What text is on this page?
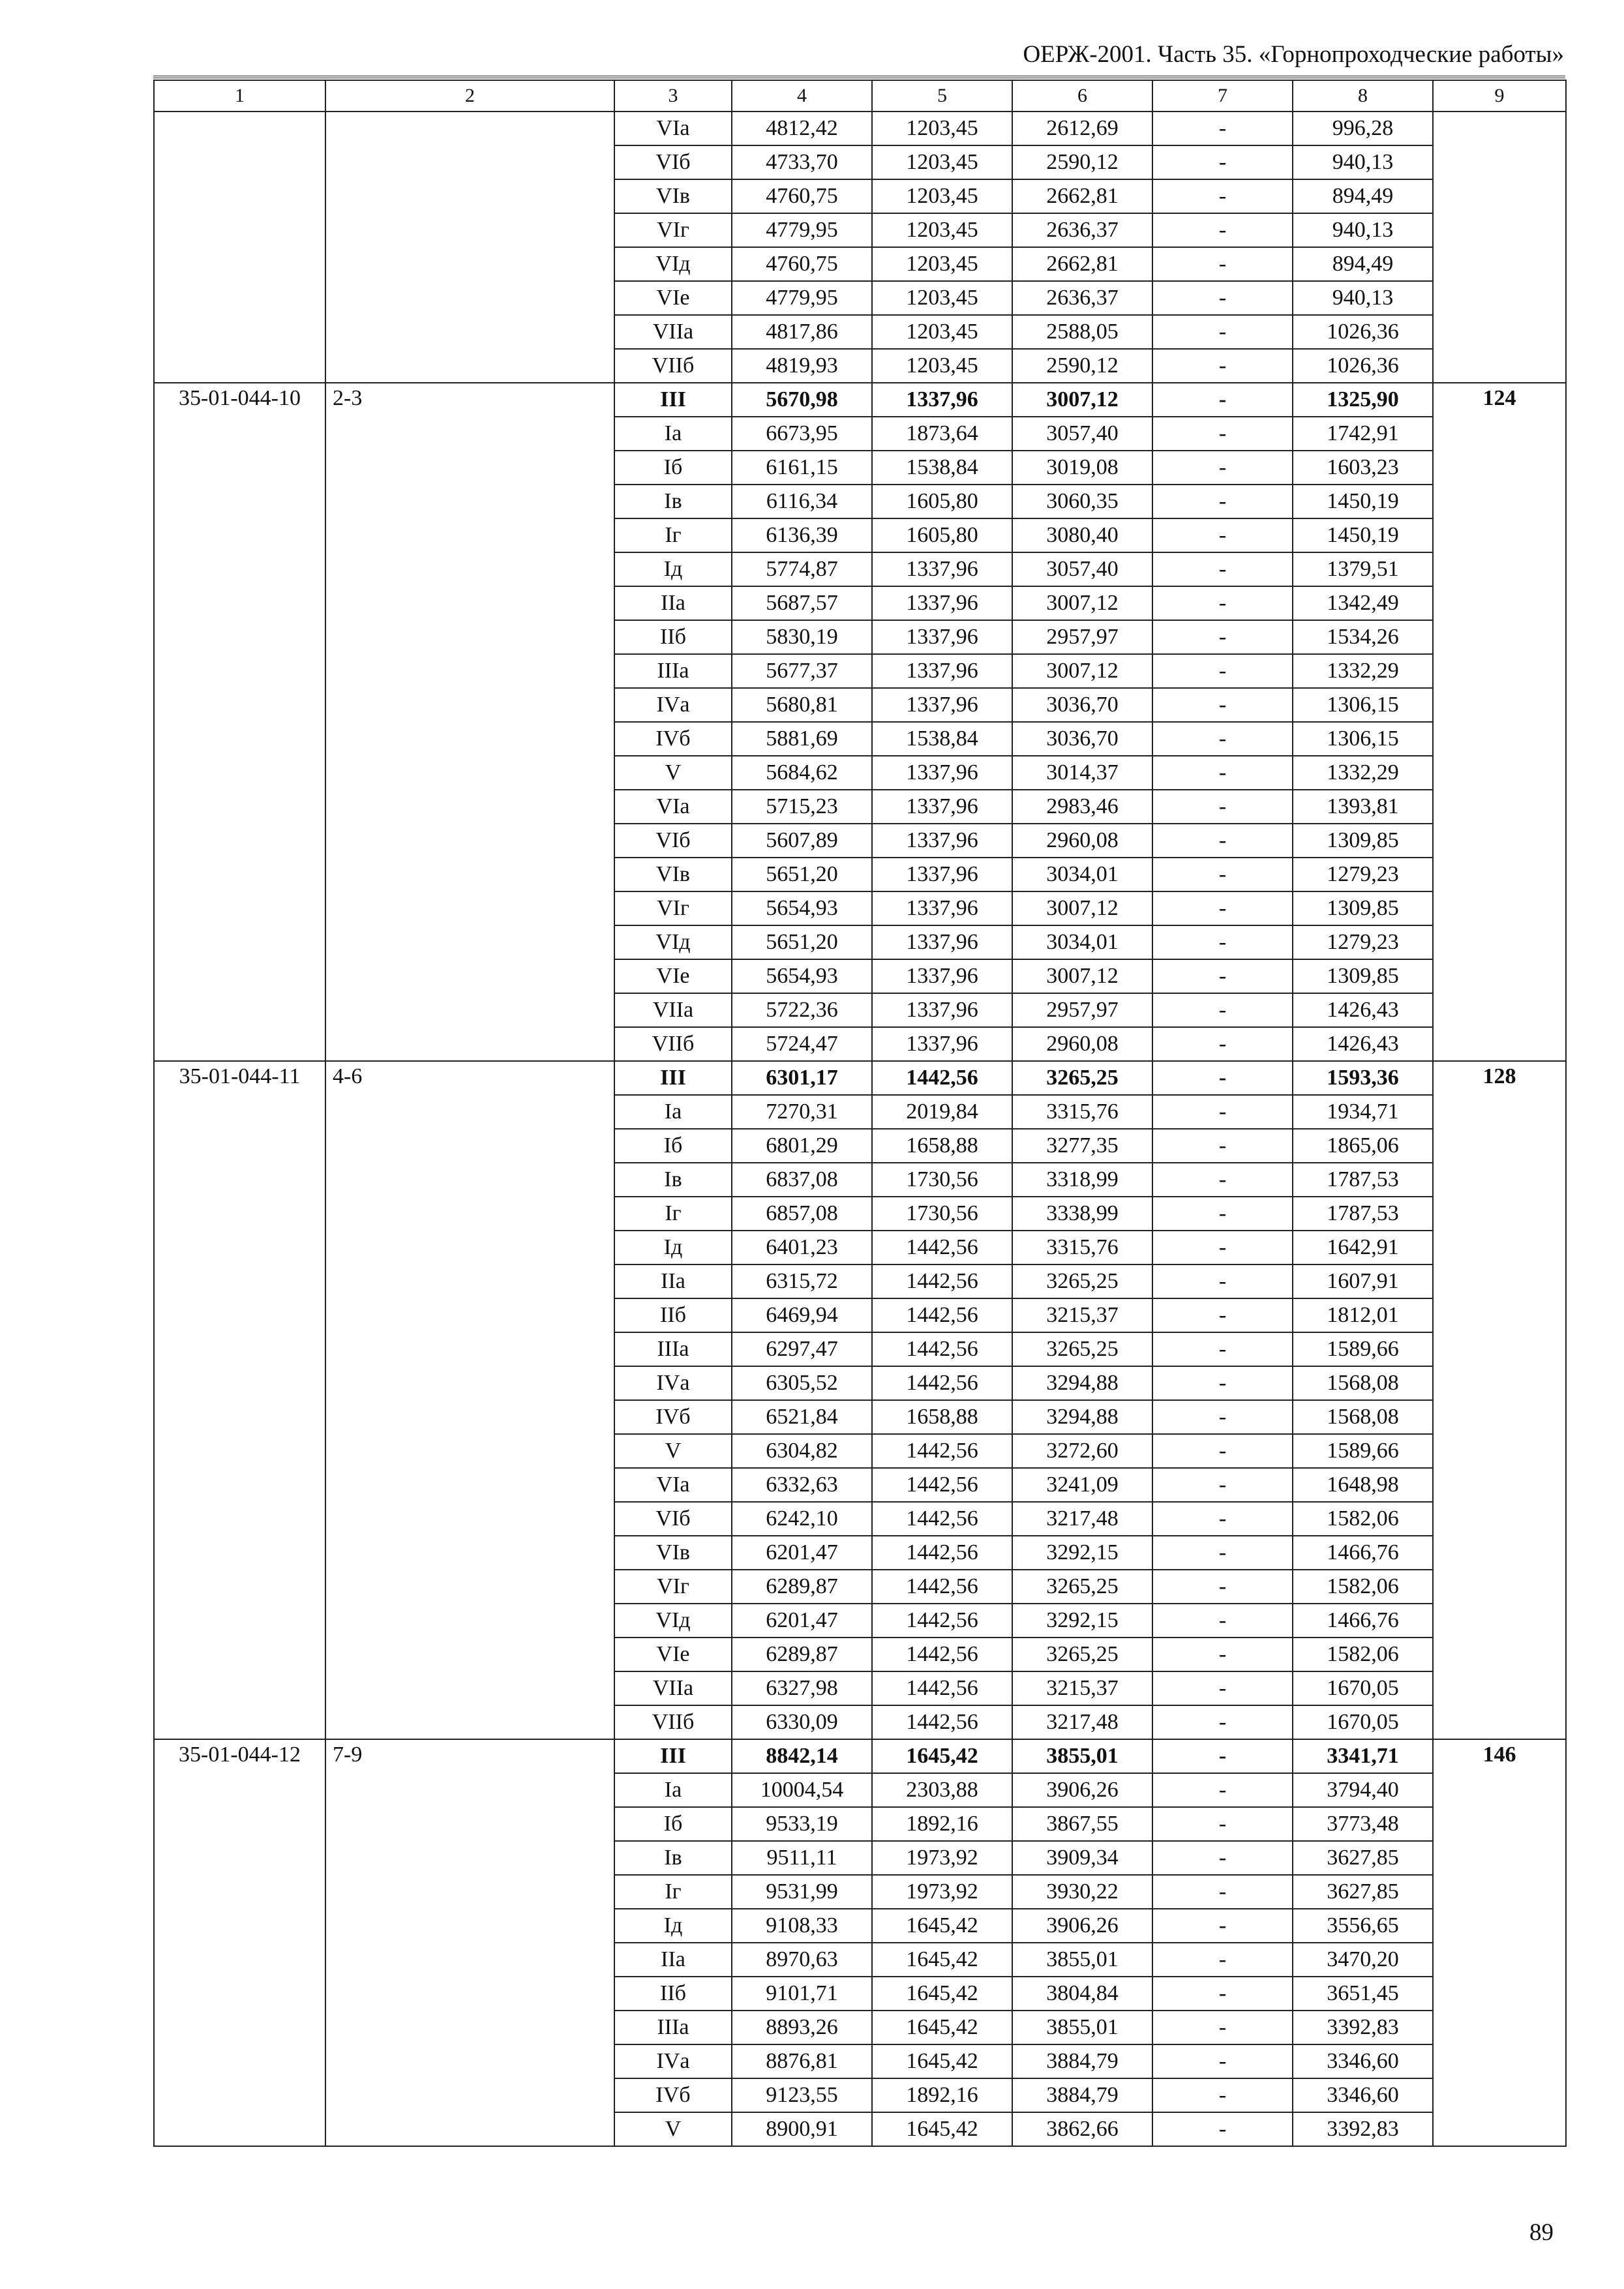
ОЕРЖ-2001. Часть 35. «Горнопроходческие работы»
1	2	3	4	5	6	7	8	9
		VIа	4812,42	1203,45	2612,69	-	996,28	
		VIб	4733,70	1203,45	2590,12	-	940,13	
		VIв	4760,75	1203,45	2662,81	-	894,49	
		VIг	4779,95	1203,45	2636,37	-	940,13	
		VIд	4760,75	1203,45	2662,81	-	894,49	
		VIе	4779,95	1203,45	2636,37	-	940,13	
		VIIа	4817,86	1203,45	2588,05	-	1026,36	
		VIIб	4819,93	1203,45	2590,12	-	1026,36	
35-01-044-10	2-3	III	5670,98	1337,96	3007,12	-	1325,90	124
		Iа	6673,95	1873,64	3057,40	-	1742,91	
		Iб	6161,15	1538,84	3019,08	-	1603,23	
		Iв	6116,34	1605,80	3060,35	-	1450,19	
		Iг	6136,39	1605,80	3080,40	-	1450,19	
		Iд	5774,87	1337,96	3057,40	-	1379,51	
		IIа	5687,57	1337,96	3007,12	-	1342,49	
		IIб	5830,19	1337,96	2957,97	-	1534,26	
		IIIа	5677,37	1337,96	3007,12	-	1332,29	
		IVа	5680,81	1337,96	3036,70	-	1306,15	
		IVб	5881,69	1538,84	3036,70	-	1306,15	
		V	5684,62	1337,96	3014,37	-	1332,29	
		VIа	5715,23	1337,96	2983,46	-	1393,81	
		VIб	5607,89	1337,96	2960,08	-	1309,85	
		VIв	5651,20	1337,96	3034,01	-	1279,23	
		VIг	5654,93	1337,96	3007,12	-	1309,85	
		VIд	5651,20	1337,96	3034,01	-	1279,23	
		VIе	5654,93	1337,96	3007,12	-	1309,85	
		VIIа	5722,36	1337,96	2957,97	-	1426,43	
		VIIб	5724,47	1337,96	2960,08	-	1426,43	
35-01-044-11	4-6	III	6301,17	1442,56	3265,25	-	1593,36	128
		Iа	7270,31	2019,84	3315,76	-	1934,71	
		Iб	6801,29	1658,88	3277,35	-	1865,06	
		Iв	6837,08	1730,56	3318,99	-	1787,53	
		Iг	6857,08	1730,56	3338,99	-	1787,53	
		Iд	6401,23	1442,56	3315,76	-	1642,91	
		IIа	6315,72	1442,56	3265,25	-	1607,91	
		IIб	6469,94	1442,56	3215,37	-	1812,01	
		IIIа	6297,47	1442,56	3265,25	-	1589,66	
		IVа	6305,52	1442,56	3294,88	-	1568,08	
		IVб	6521,84	1658,88	3294,88	-	1568,08	
		V	6304,82	1442,56	3272,60	-	1589,66	
		VIа	6332,63	1442,56	3241,09	-	1648,98	
		VIб	6242,10	1442,56	3217,48	-	1582,06	
		VIв	6201,47	1442,56	3292,15	-	1466,76	
		VIг	6289,87	1442,56	3265,25	-	1582,06	
		VIд	6201,47	1442,56	3292,15	-	1466,76	
		VIе	6289,87	1442,56	3265,25	-	1582,06	
		VIIа	6327,98	1442,56	3215,37	-	1670,05	
		VIIб	6330,09	1442,56	3217,48	-	1670,05	
35-01-044-12	7-9	III	8842,14	1645,42	3855,01	-	3341,71	146
		Iа	10004,54	2303,88	3906,26	-	3794,40	
		Iб	9533,19	1892,16	3867,55	-	3773,48	
		Iв	9511,11	1973,92	3909,34	-	3627,85	
		Iг	9531,99	1973,92	3930,22	-	3627,85	
		Iд	9108,33	1645,42	3906,26	-	3556,65	
		IIа	8970,63	1645,42	3855,01	-	3470,20	
		IIб	9101,71	1645,42	3804,84	-	3651,45	
		IIIа	8893,26	1645,42	3855,01	-	3392,83	
		IVа	8876,81	1645,42	3884,79	-	3346,60	
		IVб	9123,55	1892,16	3884,79	-	3346,60	
		V	8900,91	1645,42	3862,66	-	3392,83	
89
